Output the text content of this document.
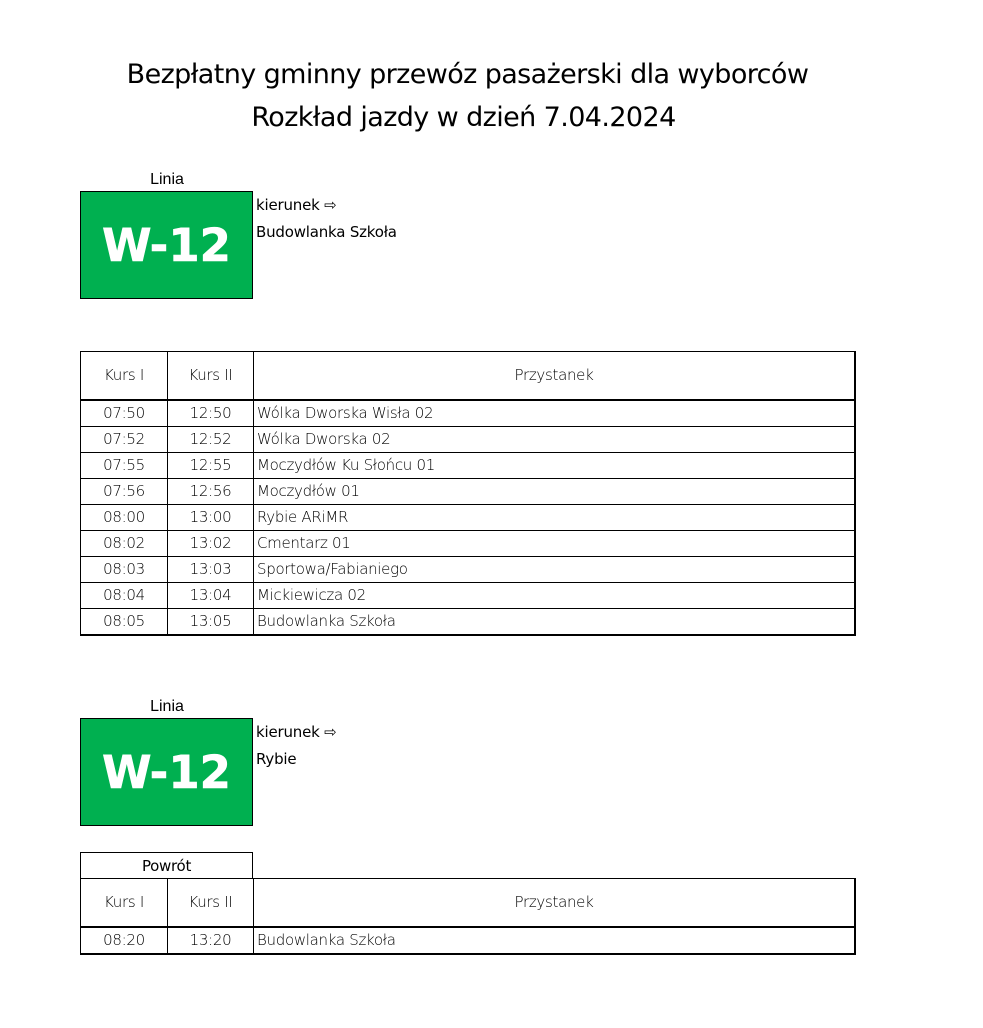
Bezpłatny gminny przewóz pasażerski dla wyborców
Rozkład jazdy w dzień 7.04.2024
Linia
W-12
kierunek ⇨
Budowlanka Szkoła
Kurs I	Kurs II	Przystanek
07:50	12:50	Wólka Dworska Wisła 02
07:52	12:52	Wólka Dworska 02
07:55	12:55	Moczydłów Ku Słońcu 01
07:56	12:56	Moczydłów 01
08:00	13:00	Rybie ARiMR
08:02	13:02	Cmentarz 01
08:03	13:03	Sportowa/Fabianiego
08:04	13:04	Mickiewicza 02
08:05	13:05	Budowlanka Szkoła
Linia
W-12
kierunek ⇨
Rybie
Powrót
Kurs I	Kurs II	Przystanek
08:20	13:20	Budowlanka Szkoła
